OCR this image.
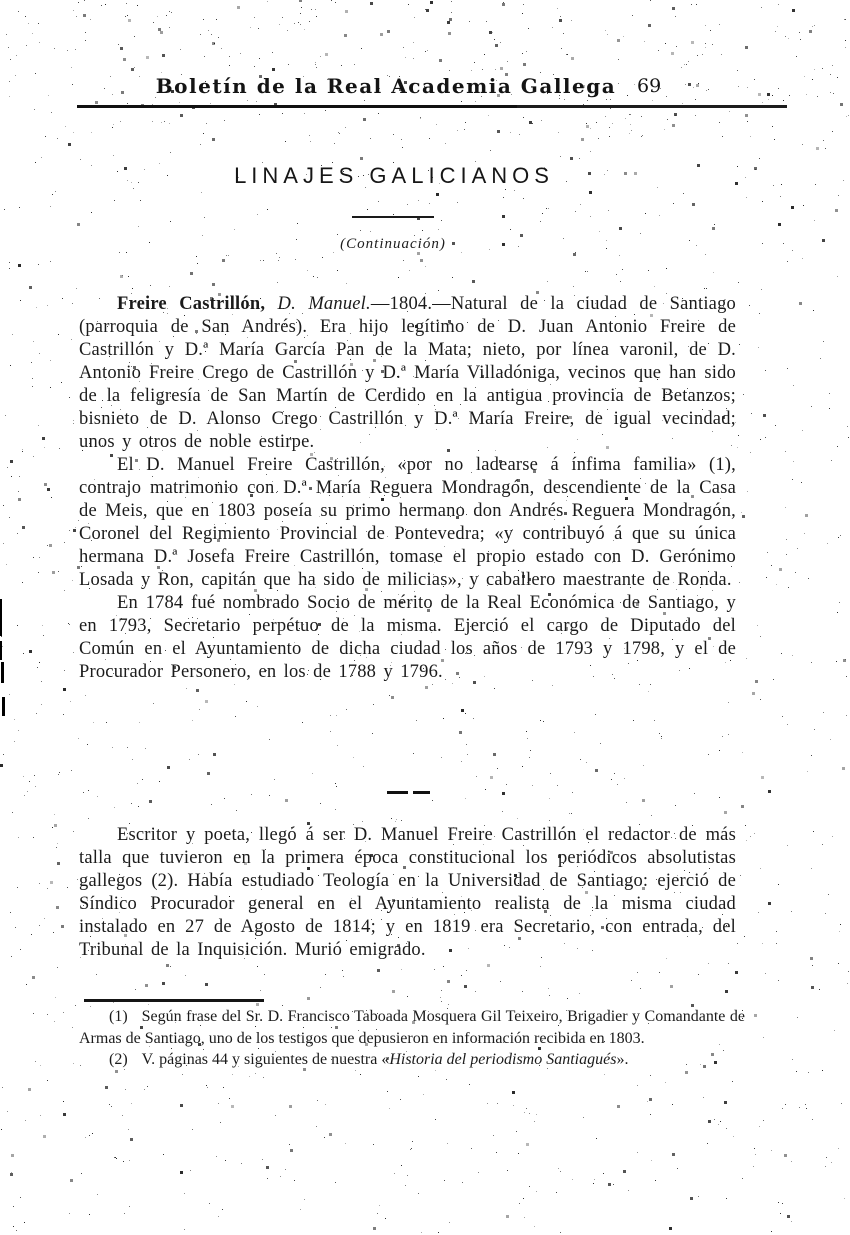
Boletín de la Real Academia Gallega	69
LINAJES GALICIANOS
(Continuación)

Freire Castrillón, D. Manuel.—1804.—Natural de la ciudad de Santiago (parroquia de San Andrés). Era hijo legítimo de D. Juan Antonio Freire de Castrillón y D.ª María García Pan de la Mata; nieto, por línea varonil, de D. Antonio Freire Crego de Castrillón y D.ª María Villadóniga, vecinos que han sido de la feligresía de San Martín de Cerdido en la antigua provincia de Betanzos; bisnieto de D. Alonso Crego Castrillón y D.ª María Freire, de igual vecindad; unos y otros de noble estirpe.

El D. Manuel Freire Castrillón, «por no ladearse á ínfima familia» (1), contrajo matrimonio con D.ª María Reguera Mondragón, descendiente de la Casa de Meis, que en 1803 poseía su primo hermano don Andrés Reguera Mondragón, Coronel del Regimiento Provincial de Pontevedra; «y contribuyó á que su única hermana D.ª Josefa Freire Castrillón, tomase el propio estado con D. Gerónimo Losada y Ron, capitán que ha sido de milicias», y caballero maestrante de Ronda.

En 1784 fué nombrado Socio de mérito de la Real Económica de Santiago, y en 1793, Secretario perpétuo de la misma. Ejerció el cargo de Diputado del Común en el Ayuntamiento de dicha ciudad los años de 1793 y 1798, y el de Procurador Personero, en los de 1788 y 1796.

Escritor y poeta, llegó á ser D. Manuel Freire Castrillón el redactor de más talla que tuvieron en la primera época constitucional los periódicos absolutistas gallegos (2). Había estudiado Teología en la Universidad de Santiago: ejerció de Síndico Procurador general en el Ayuntamiento realista de la misma ciudad instalado en 27 de Agosto de 1814; y en 1819 era Secretario, con entrada, del Tribunal de la Inquisición. Murió emigrado.

(1) Según frase del Sr. D. Francisco Taboada Mosquera Gil Teixeiro, Brigadier y Comandante de Armas de Santiago, uno de los testigos que depusieron en información recibida en 1803.

(2) V. páginas 44 y siguientes de nuestra «Historia del periodismo Santiagués».
